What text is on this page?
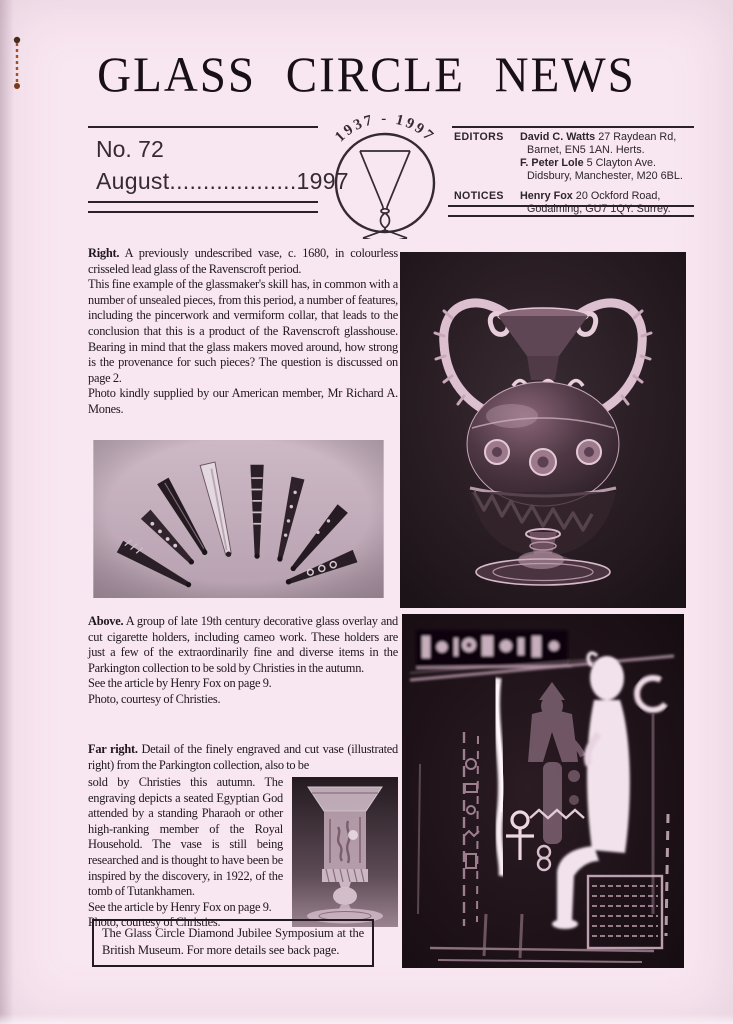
GLASS CIRCLE NEWS
No. 72
August...................1997
1937 - 1997 EDITORS	David C. Watts 27 Raydean Rd,
Barnet, EN5 1AN. Herts.
F. Peter Lole 5 Clayton Ave.
Didsbury, Manchester, M20 6BL.
NOTICES	Henry Fox 20 Ockford Road,
Godalming, GU7 1QY. Surrey.

Right. A previously undescribed vase, c. 1680, in colourless crisseled lead glass of the Ravenscroft period.
This fine example of the glassmaker's skill has, in common with a number of unsealed pieces, from this period, a number of features, including the pincerwork and vermiform collar, that leads to the conclusion that this is a product of the Ravenscroft glasshouse. Bearing in mind that the glass makers moved around, how strong is the provenance for such pieces? The question is discussed on page 2.
Photo kindly supplied by our American member, Mr Richard A. Mones.

Above. A group of late 19th century decorative glass overlay and cut cigarette holders, including cameo work. These holders are just a few of the extraordinarily fine and diverse items in the Parkington collection to be sold by Christies in the autumn.
See the article by Henry Fox on page 9.
Photo, courtesy of Christies.

Far right. Detail of the finely engraved and cut vase (illustrated right) from the Parkington collection, also to be

sold by Christies this autumn. The engraving depicts a seated Egyptian God attended by a standing Pharaoh or other high-ranking member of the Royal Household. The vase is still being researched and is thought to have been be inspired by the discovery, in 1922, of the tomb of Tutankhamen.
See the article by Henry Fox on page 9.
Photo, courtesy of Christies.
The Glass Circle Diamond Jubilee Symposium at the British Museum. For more details see back page.
